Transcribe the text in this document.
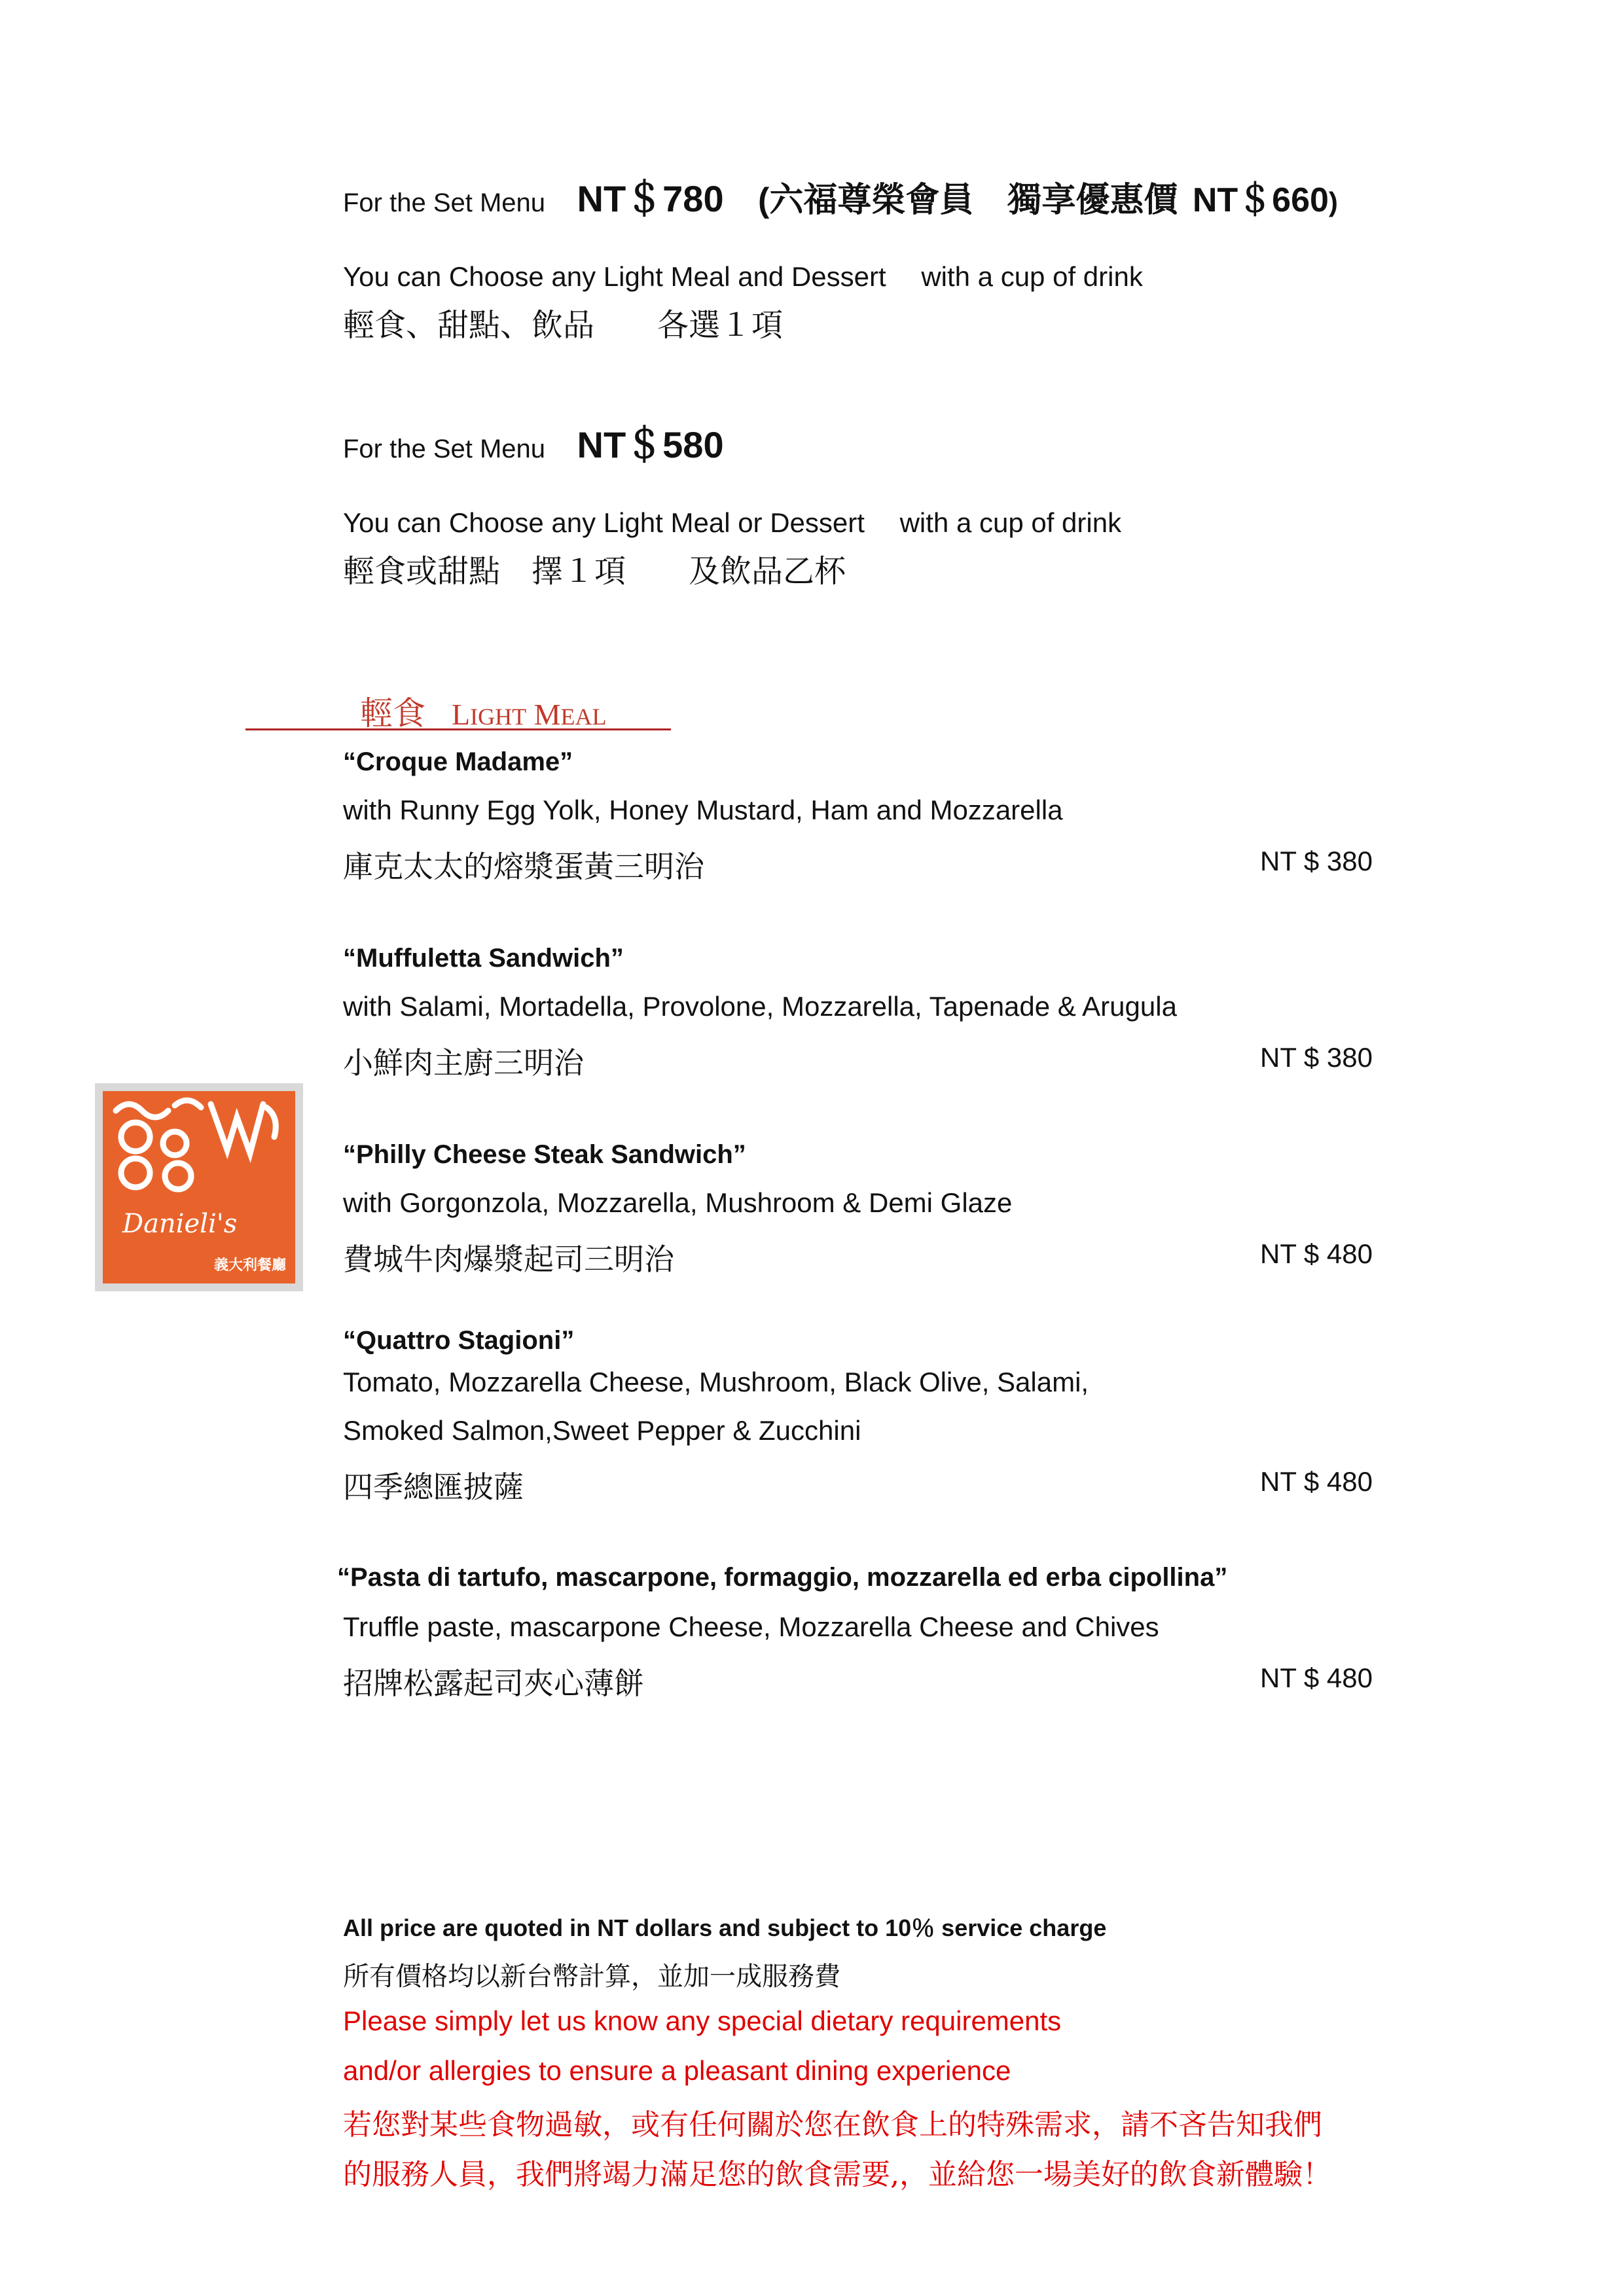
For the Set Menu NT＄780 (六福尊榮會員　獨享優惠價 NT＄660)
You can Choose any Light Meal and Dessert　 with a cup of drink
輕食、甜點、飲品　　各選１項
For the Set Menu NT＄580
You can Choose any Light Meal or Dessert　 with a cup of drink
輕食或甜點　擇１項　　及飲品乙杯
輕食 LIGHT MEAL
“Croque Madame”
with Runny Egg Yolk, Honey Mustard, Ham and Mozzarella
庫克太太的熔漿蛋黃三明治	NT $ 380
“Muffuletta Sandwich”
with Salami, Mortadella, Provolone, Mozzarella, Tapenade & Arugula
小鮮肉主廚三明治	NT $ 380
“Philly Cheese Steak Sandwich”
with Gorgonzola, Mozzarella, Mushroom & Demi Glaze
費城牛肉爆漿起司三明治	NT $ 480
“Quattro Stagioni”
Tomato, Mozzarella Cheese, Mushroom, Black Olive, Salami,
Smoked Salmon,Sweet Pepper & Zucchini
四季總匯披薩	NT $ 480
“Pasta di tartufo, mascarpone, formaggio, mozzarella ed erba cipollina”
Truffle paste, mascarpone Cheese, Mozzarella Cheese and Chives
招牌松露起司夾心薄餅	NT $ 480
Danieli's
義大利餐廳
All price are quoted in NT dollars and subject to 10％ service charge
所有價格均以新台幣計算，並加一成服務費
Please simply let us know any special dietary requirements
and/or allergies to ensure a pleasant dining experience
若您對某些食物過敏，或有任何關於您在飲食上的特殊需求，請不吝告知我們
的服務人員，我們將竭力滿足您的飲食需要,，並給您一場美好的飲食新體驗！
